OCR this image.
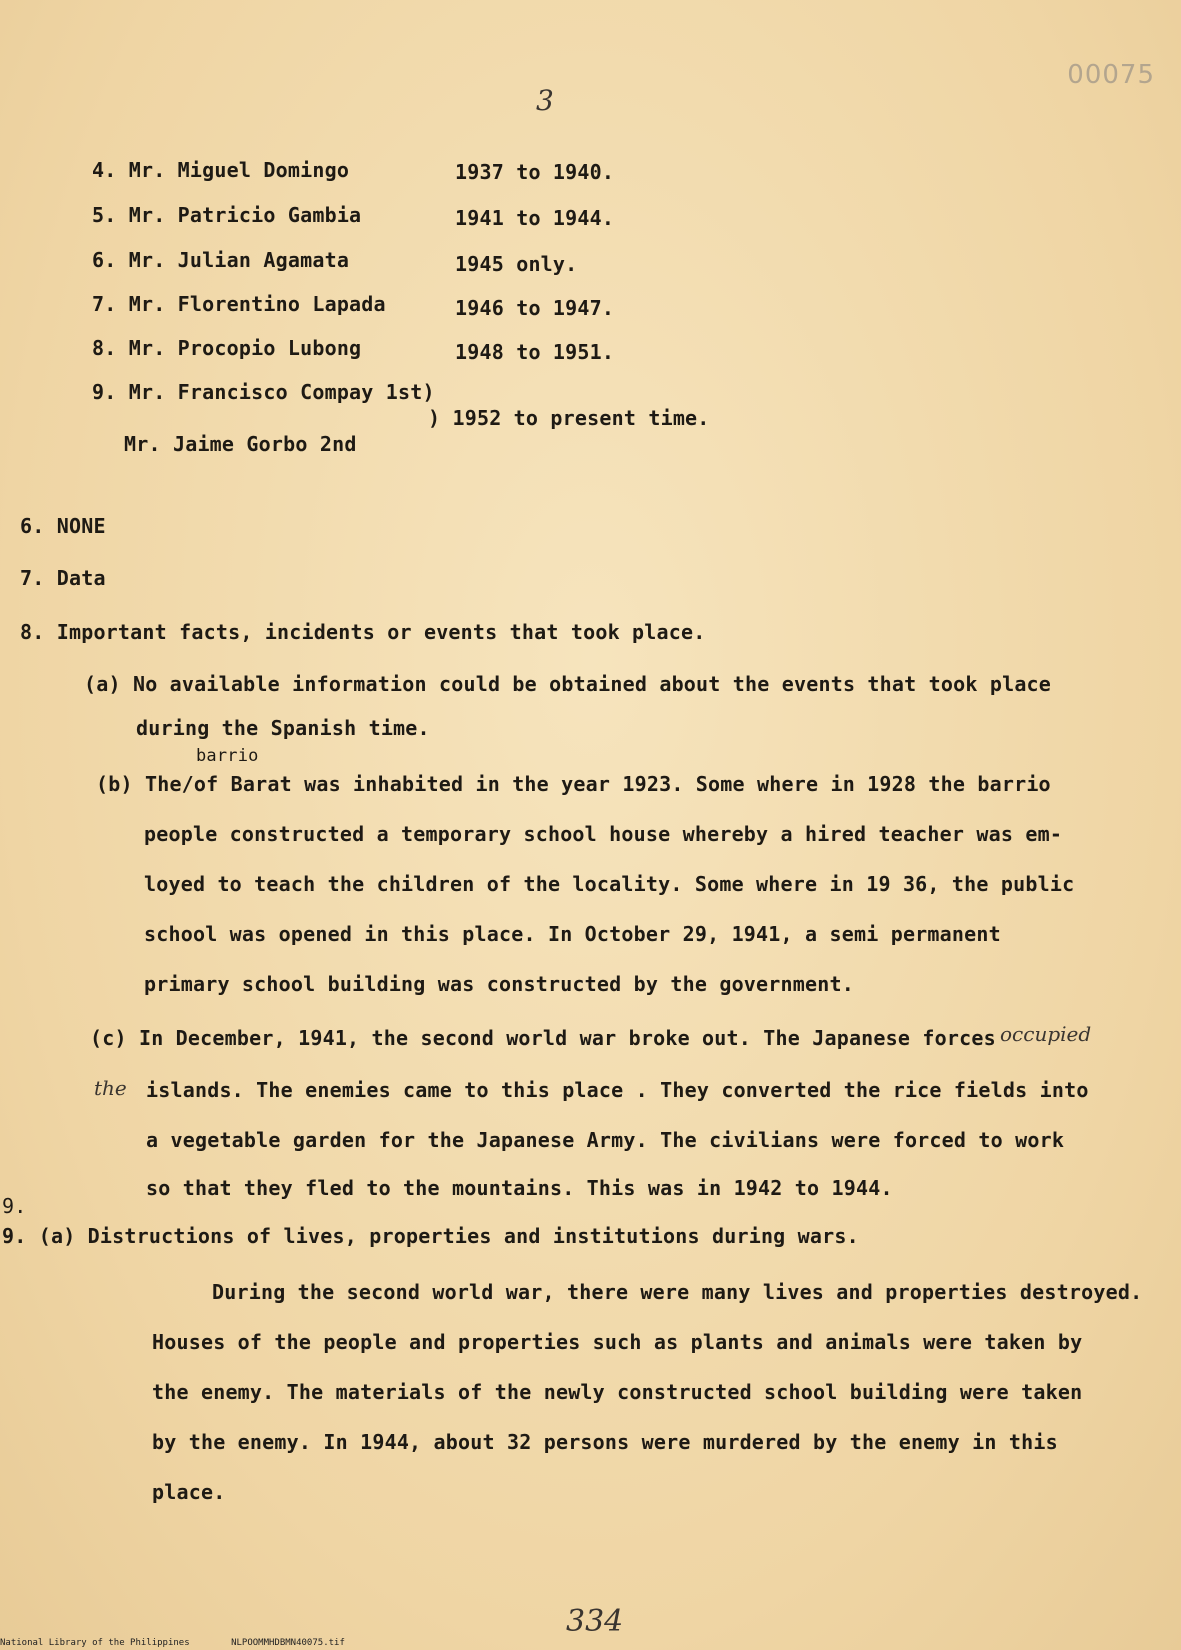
00075
3
4. Mr. Miguel Domingo	1937 to 1940.
5. Mr. Patricio Gambia	1941 to 1944.
6. Mr. Julian Agamata	1945 only.
7. Mr. Florentino Lapada	1946 to 1947.
8. Mr. Procopio Lubong	1948 to 1951.
9. Mr. Francisco Compay 1st)
Mr. Jaime Gorbo 2nd
) 1952 to present time.
6. NONE
7. Data
8. Important facts, incidents or events that took place.
(a) No available information could be obtained about the events that took place
during the Spanish time.
barrio
(b) The/of Barat was inhabited in the year 1923. Some where in 1928 the barrio
people constructed a temporary school house whereby a hired teacher was em-
loyed to teach the children of the locality. Some where in 19 36, the public
school was opened in this place. In October 29, 1941, a semi permanent
primary school building was constructed by the government.
(c) In December, 1941, the second world war broke out. The Japanese forces occupied
the islands. The enemies came to this place . They converted the rice fields into
a vegetable garden for the Japanese Army. The civilians were forced to work
so that they fled to the mountains. This was in 1942 to 1944.
9.
9. (a) Distructions of lives, properties and institutions during wars.
During the second world war, there were many lives and properties destroyed.
Houses of the people and properties such as plants and animals were taken by
the enemy. The materials of the newly constructed school building were taken
by the enemy. In 1944, about 32 persons were murdered by the enemy in this
place.
334
National Library of the Philippines	NLPOOMMHDBMN40075.tif
